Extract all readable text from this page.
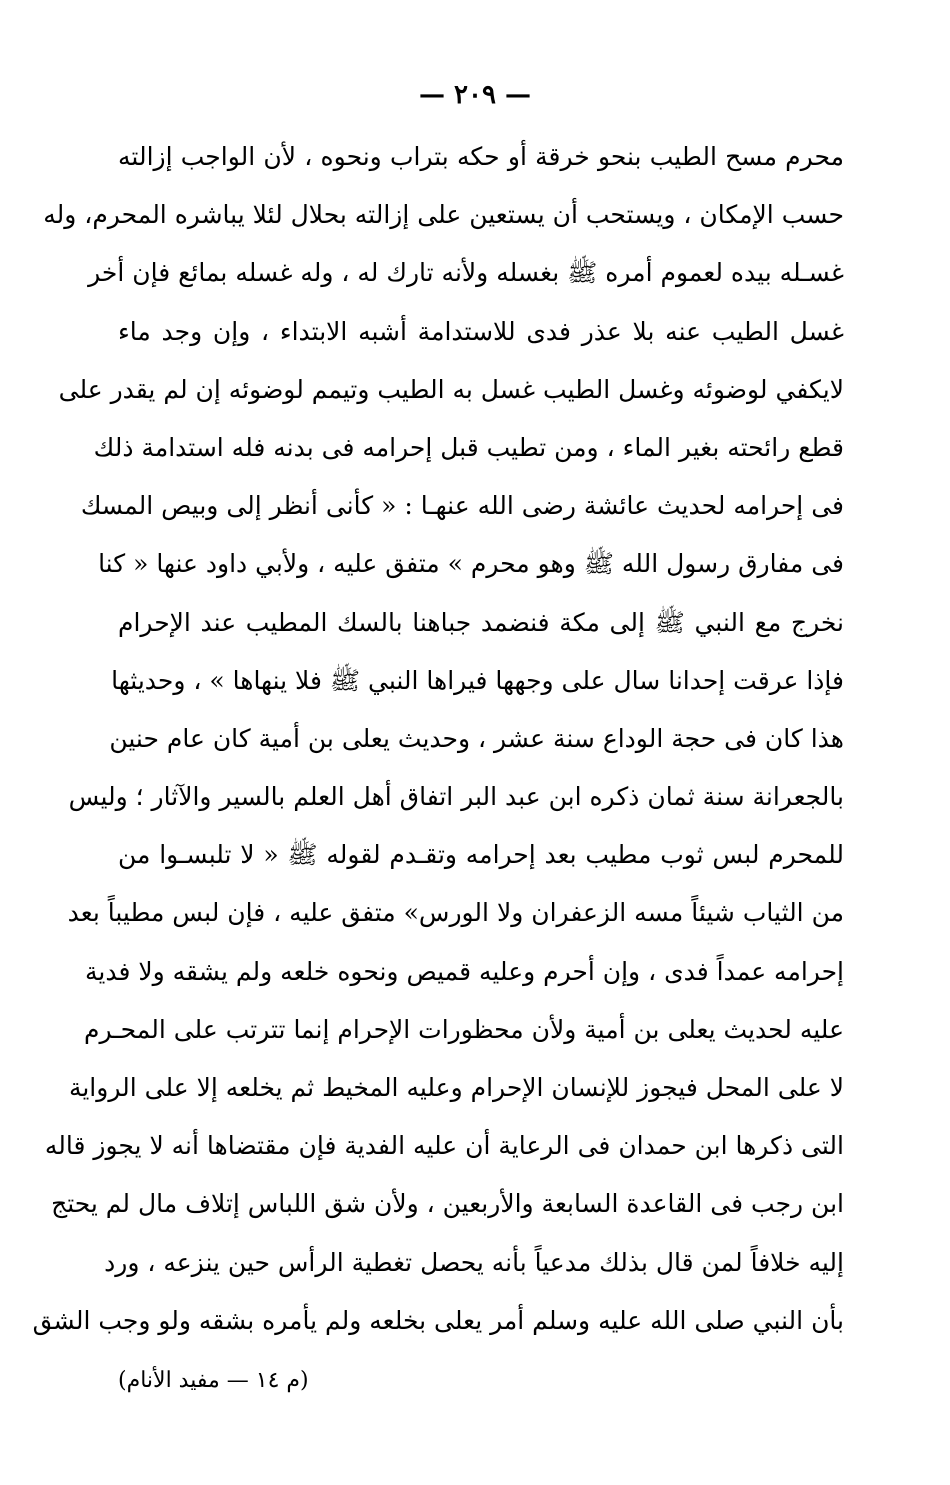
— ٢٠٩ —
محرم مسح الطيب بنحو خرقة أو حكه بتراب ونحوه ، لأن الواجب إزالته
حسب الإمكان ، ويستحب أن يستعين على إزالته بحلال لئلا يباشره المحرم، وله
غسـله بيده لعموم أمره ﷺ بغسله ولأنه تارك له ، وله غسله بمائع فإن أخر
غسل الطيب عنه بلا عذر فدى للاستدامة أشبه الابتداء ، وإن وجد ماء
لايكفي لوضوئه وغسل الطيب غسل به الطيب وتيمم لوضوئه إن لم يقدر على
قطع رائحته بغير الماء ، ومن تطيب قبل إحرامه فى بدنه فله استدامة ذلك
فى إحرامه لحديث عائشة رضى الله عنهـا : « كأنى أنظر إلى وبيص المسك
فى مفارق رسول الله ﷺ وهو محرم » متفق عليه ، ولأبي داود عنها « كنا
نخرج مع النبي ﷺ إلى مكة فنضمد جباهنا بالسك المطيب عند الإحرام
فإذا عرقت إحدانا سال على وجهها فيراها النبي ﷺ فلا ينهاها » ، وحديثها
هذا كان فى حجة الوداع سنة عشر ، وحديث يعلى بن أمية كان عام حنين
بالجعرانة سنة ثمان ذكره ابن عبد البر اتفاق أهل العلم بالسير والآثار ؛ وليس
للمحرم لبس ثوب مطيب بعد إحرامه وتقـدم لقوله ﷺ « لا تلبسـوا من
من الثياب شيئاً مسه الزعفران ولا الورس» متفق عليه ، فإن لبس مطيباً بعد
إحرامه عمداً فدى ، وإن أحرم وعليه قميص ونحوه خلعه ولم يشقه ولا فدية
عليه لحديث يعلى بن أمية ولأن محظورات الإحرام إنما تترتب على المحـرم
لا على المحل فيجوز للإنسان الإحرام وعليه المخيط ثم يخلعه إلا على الرواية
التى ذكرها ابن حمدان فى الرعاية أن عليه الفدية فإن مقتضاها أنه لا يجوز قاله
ابن رجب فى القاعدة السابعة والأربعين ، ولأن شق اللباس إتلاف مال لم يحتج
إليه خلافاً لمن قال بذلك مدعياً بأنه يحصل تغطية الرأس حين ينزعه ، ورد
بأن النبي صلى الله عليه وسلم أمر يعلى بخلعه ولم يأمره بشقه ولو وجب الشق
(م ١٤ — مفيد الأنام)
